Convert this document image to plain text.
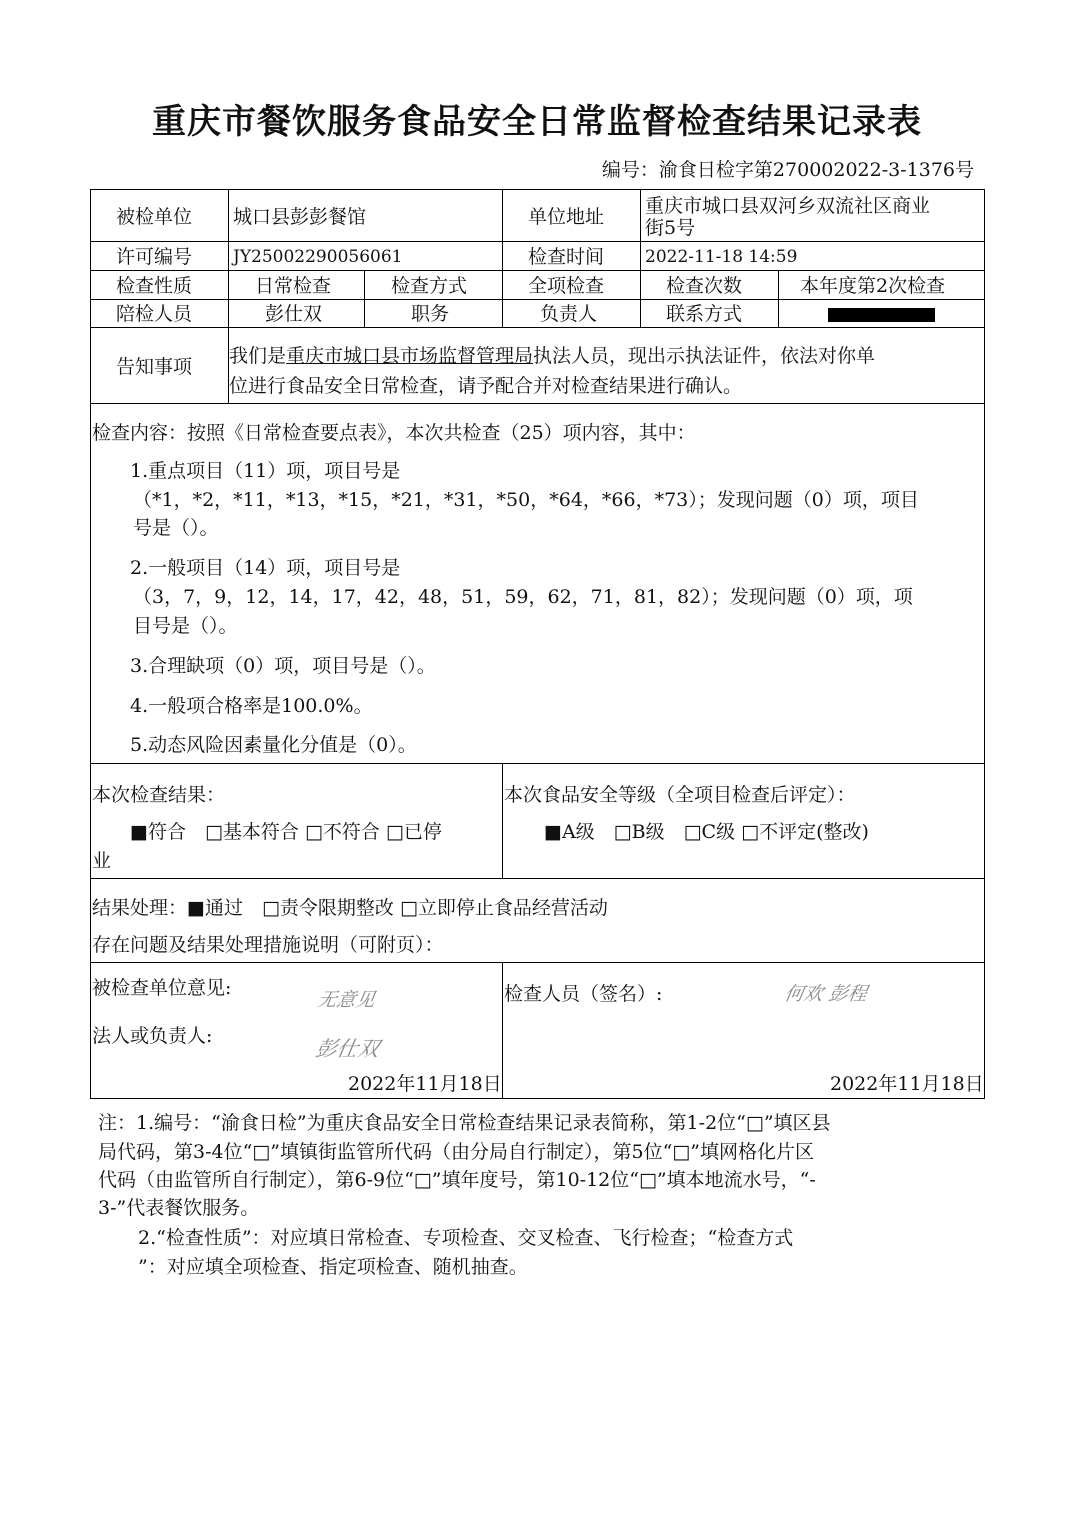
重庆市餐饮服务食品安全日常监督检查结果记录表
编号：渝食日检字第270002022-3-1376号
被检单位 城口县彭彭餐馆	单位地址 重庆市城口县双河乡双流社区商业
街5号
许可编号 JY25002290056061	检查时间 2022-11-18 14:59
检查性质	日常检查	检查方式	全项检查	检查次数	本年度第2次检查
陪检人员	彭仕双	职务	负责人	联系方式
告知事项 我们是重庆市城口县市场监督管理局执法人员，现出示执法证件，依法对你单
位进行食品安全日常检查，请予配合并对检查结果进行确认。
检查内容：按照《日常检查要点表》，本次共检查（25）项内容，其中：
1.重点项目（11）项，项目号是
（*1，*2，*11，*13，*15，*21，*31，*50，*64，*66，*73）；发现问题（0）项，项目
号是（）。
2.一般项目（14）项，项目号是
（3，7，9，12，14，17，42，48，51，59，62，71，81，82）；发现问题（0）项，项
目号是（）。
3.合理缺项（0）项，项目号是（）。
4.一般项合格率是100.0%。
5.动态风险因素量化分值是（0）。
本次检查结果：
■符合　□基本符合 □不符合 □已停
业
本次食品安全等级（全项目检查后评定）：
■A级　□B级　□C级 □不评定(整改)
结果处理：■通过　□责令限期整改 □立即停止食品经营活动
存在问题及结果处理措施说明（可附页）：
被检查单位意见:
无意见
法人或负责人:
彭仕双
2022年11月18日
检查人员（签名）:	何欢 彭程
2022年11月18日
注：1.编号：“渝食日检”为重庆食品安全日常检查结果记录表简称，第1-2位“□”填区县
局代码，第3-4位“□”填镇街监管所代码（由分局自行制定），第5位“□”填网格化片区
代码（由监管所自行制定），第6-9位“□”填年度号，第10-12位“□”填本地流水号，“-
3-”代表餐饮服务。
2.“检查性质”：对应填日常检查、专项检查、交叉检查、飞行检查；“检查方式
”：对应填全项检查、指定项检查、随机抽查。
